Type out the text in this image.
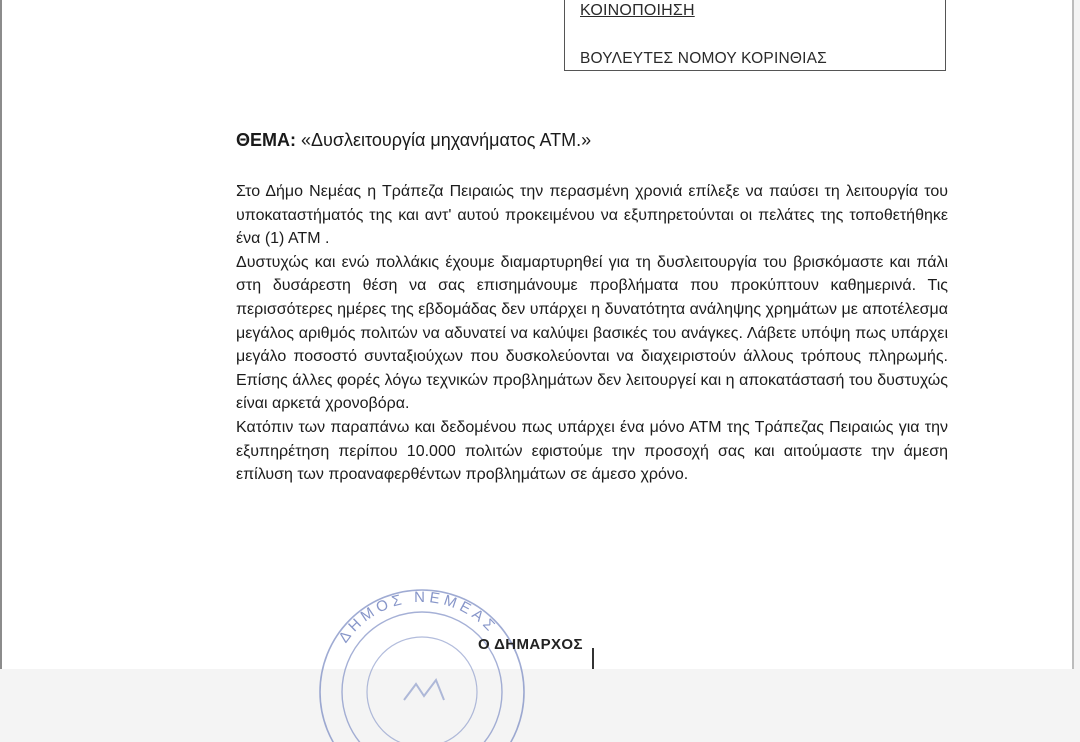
ΚΟΙΝΟΠΟΙΗΣΗ
ΒΟΥΛΕΥΤΕΣ ΝΟΜΟΥ ΚΟΡΙΝΘΙΑΣ
ΘΕΜΑ: «Δυσλειτουργία μηχανήματος ΑΤΜ.»

Στο Δήμο Νεμέας η Τράπεζα Πειραιώς την περασμένη χρονιά επίλεξε να παύσει τη λειτουργία του υποκαταστήματός της και αντ' αυτού προκειμένου να εξυπηρετούνται οι πελάτες της τοποθετήθηκε ένα (1) ΑΤΜ .

Δυστυχώς και ενώ πολλάκις έχουμε διαμαρτυρηθεί για τη δυσλειτουργία του βρισκόμαστε και πάλι στη δυσάρεστη θέση να σας επισημάνουμε προβλήματα που προκύπτουν καθημερινά. Τις περισσότερες ημέρες της εβδομάδας δεν υπάρχει η δυνατότητα ανάληψης χρημάτων με αποτέλεσμα μεγάλος αριθμός πολιτών να αδυνατεί να καλύψει βασικές του ανάγκες. Λάβετε υπόψη πως υπάρχει μεγάλο ποσοστό συνταξιούχων που δυσκολεύονται να διαχειριστούν άλλους τρόπους πληρωμής. Επίσης άλλες φορές λόγω τεχνικών προβλημάτων δεν λειτουργεί και η αποκατάστασή του δυστυχώς είναι αρκετά χρονοβόρα.

Κατόπιν των παραπάνω και δεδομένου πως υπάρχει ένα μόνο ΑΤΜ της Τράπεζας Πειραιώς για την εξυπηρέτηση περίπου 10.000 πολιτών εφιστούμε την προσοχή σας και αιτούμαστε την άμεση επίλυση των προαναφερθέντων προβλημάτων σε άμεσο χρόνο.

ΔΗΜΟΣ ΝΕΜΕΑΣ
Ο ΔΗΜΑΡΧΟΣ
